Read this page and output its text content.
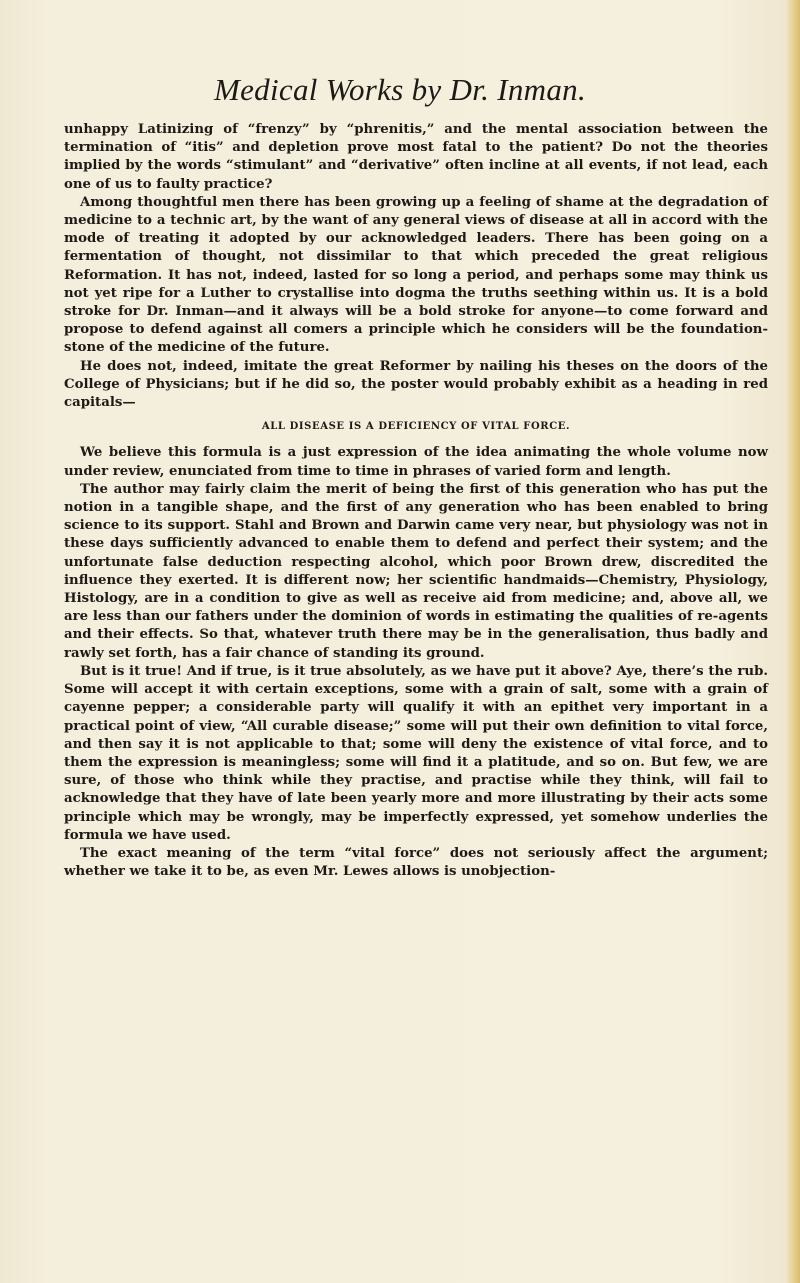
Medical Works by Dr. Inman.

unhappy Latinizing of “frenzy” by “phrenitis,” and the mental association between the termination of “itis” and depletion prove most fatal to the patient? Do not the theories implied by the words “stimulant” and “derivative” often incline at all events, if not lead, each one of us to faulty practice?

Among thoughtful men there has been growing up a feeling of shame at the degradation of medicine to a technic art, by the want of any general views of disease at all in accord with the mode of treating it adopted by our acknowledged leaders. There has been going on a fermentation of thought, not dissimilar to that which preceded the great religious Reformation. It has not, indeed, lasted for so long a period, and perhaps some may think us not yet ripe for a Luther to crystallise into dogma the truths seething within us. It is a bold stroke for Dr. Inman—and it always will be a bold stroke for anyone—to come forward and propose to defend against all comers a principle which he considers will be the foundation-stone of the medicine of the future.

He does not, indeed, imitate the great Reformer by nailing his theses on the doors of the College of Physicians; but if he did so, the poster would probably exhibit as a heading in red capitals—

ALL DISEASE IS A DEFICIENCY OF VITAL FORCE.

We believe this formula is a just expression of the idea animating the whole volume now under review, enunciated from time to time in phrases of varied form and length.

The author may fairly claim the merit of being the first of this generation who has put the notion in a tangible shape, and the first of any generation who has been enabled to bring science to its support. Stahl and Brown and Darwin came very near, but physiology was not in these days sufficiently advanced to enable them to defend and perfect their system; and the unfortunate false deduction respecting alcohol, which poor Brown drew, discredited the influence they exerted. It is different now; her scientific handmaids—Chemistry, Physiology, Histology, are in a condition to give as well as receive aid from medicine; and, above all, we are less than our fathers under the dominion of words in estimating the qualities of re-agents and their effects. So that, whatever truth there may be in the generalisation, thus badly and rawly set forth, has a fair chance of standing its ground.

But is it true! And if true, is it true absolutely, as we have put it above? Aye, there’s the rub. Some will accept it with certain exceptions, some with a grain of salt, some with a grain of cayenne pepper; a considerable party will qualify it with an epithet very important in a practical point of view, “All curable disease;” some will put their own definition to vital force, and then say it is not applicable to that; some will deny the existence of vital force, and to them the expression is meaningless; some will find it a platitude, and so on. But few, we are sure, of those who think while they practise, and practise while they think, will fail to acknowledge that they have of late been yearly more and more illustrating by their acts some principle which may be wrongly, may be imperfectly expressed, yet somehow underlies the formula we have used.

The exact meaning of the term “vital force” does not seriously affect the argument; whether we take it to be, as even Mr. Lewes allows is unobjection-
